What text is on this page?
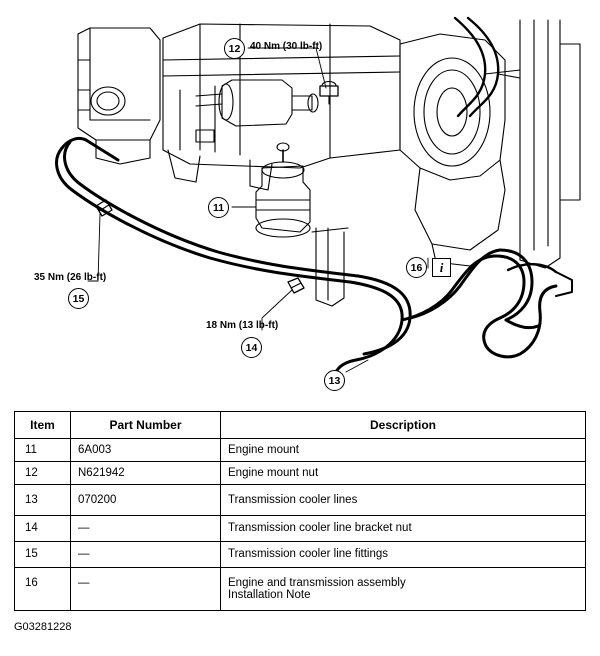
12 40 Nm (30 lb-ft)
11
35 Nm (26 lb-ft)
15
18 Nm (13 lb-ft)
14
13
16 i
Item	Part Number	Description
11	6A003	Engine mount
12	N621942	Engine mount nut
13	070200	Transmission cooler lines
14	—	Transmission cooler line bracket nut
15	—	Transmission cooler line fittings
16	—	Engine and transmission assembly
Installation Note
G03281228
